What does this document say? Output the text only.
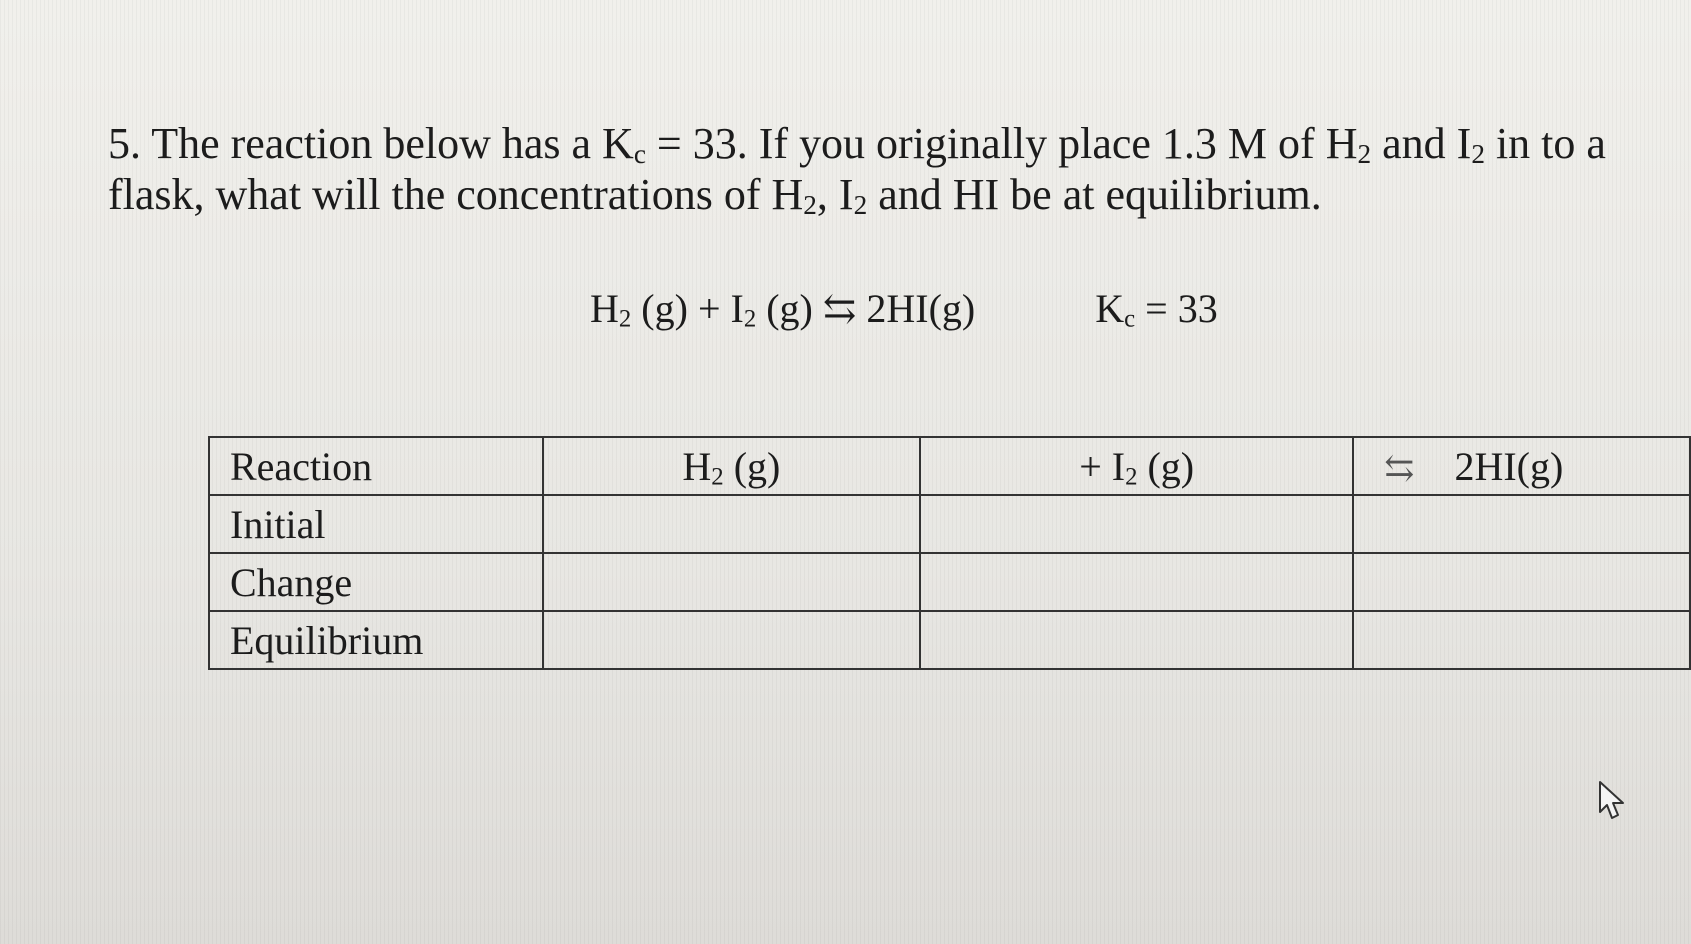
5. The reaction below has a $K_c = 33$. If you originally place 1.3 M of $H_2$ and $I_2$ in to a

flask, what will the concentrations of $H_2$, $I_2$ and HI be at equilibrium.

$H_2$ $(g) + I_2$ (g) ⇆ 2HI(g)	$K_c = 33$
Reaction	$H_2$ (g)	+ $I_2$ (g)	⇆ 2HI(g)
Initial			
Change			
Equilibrium			
